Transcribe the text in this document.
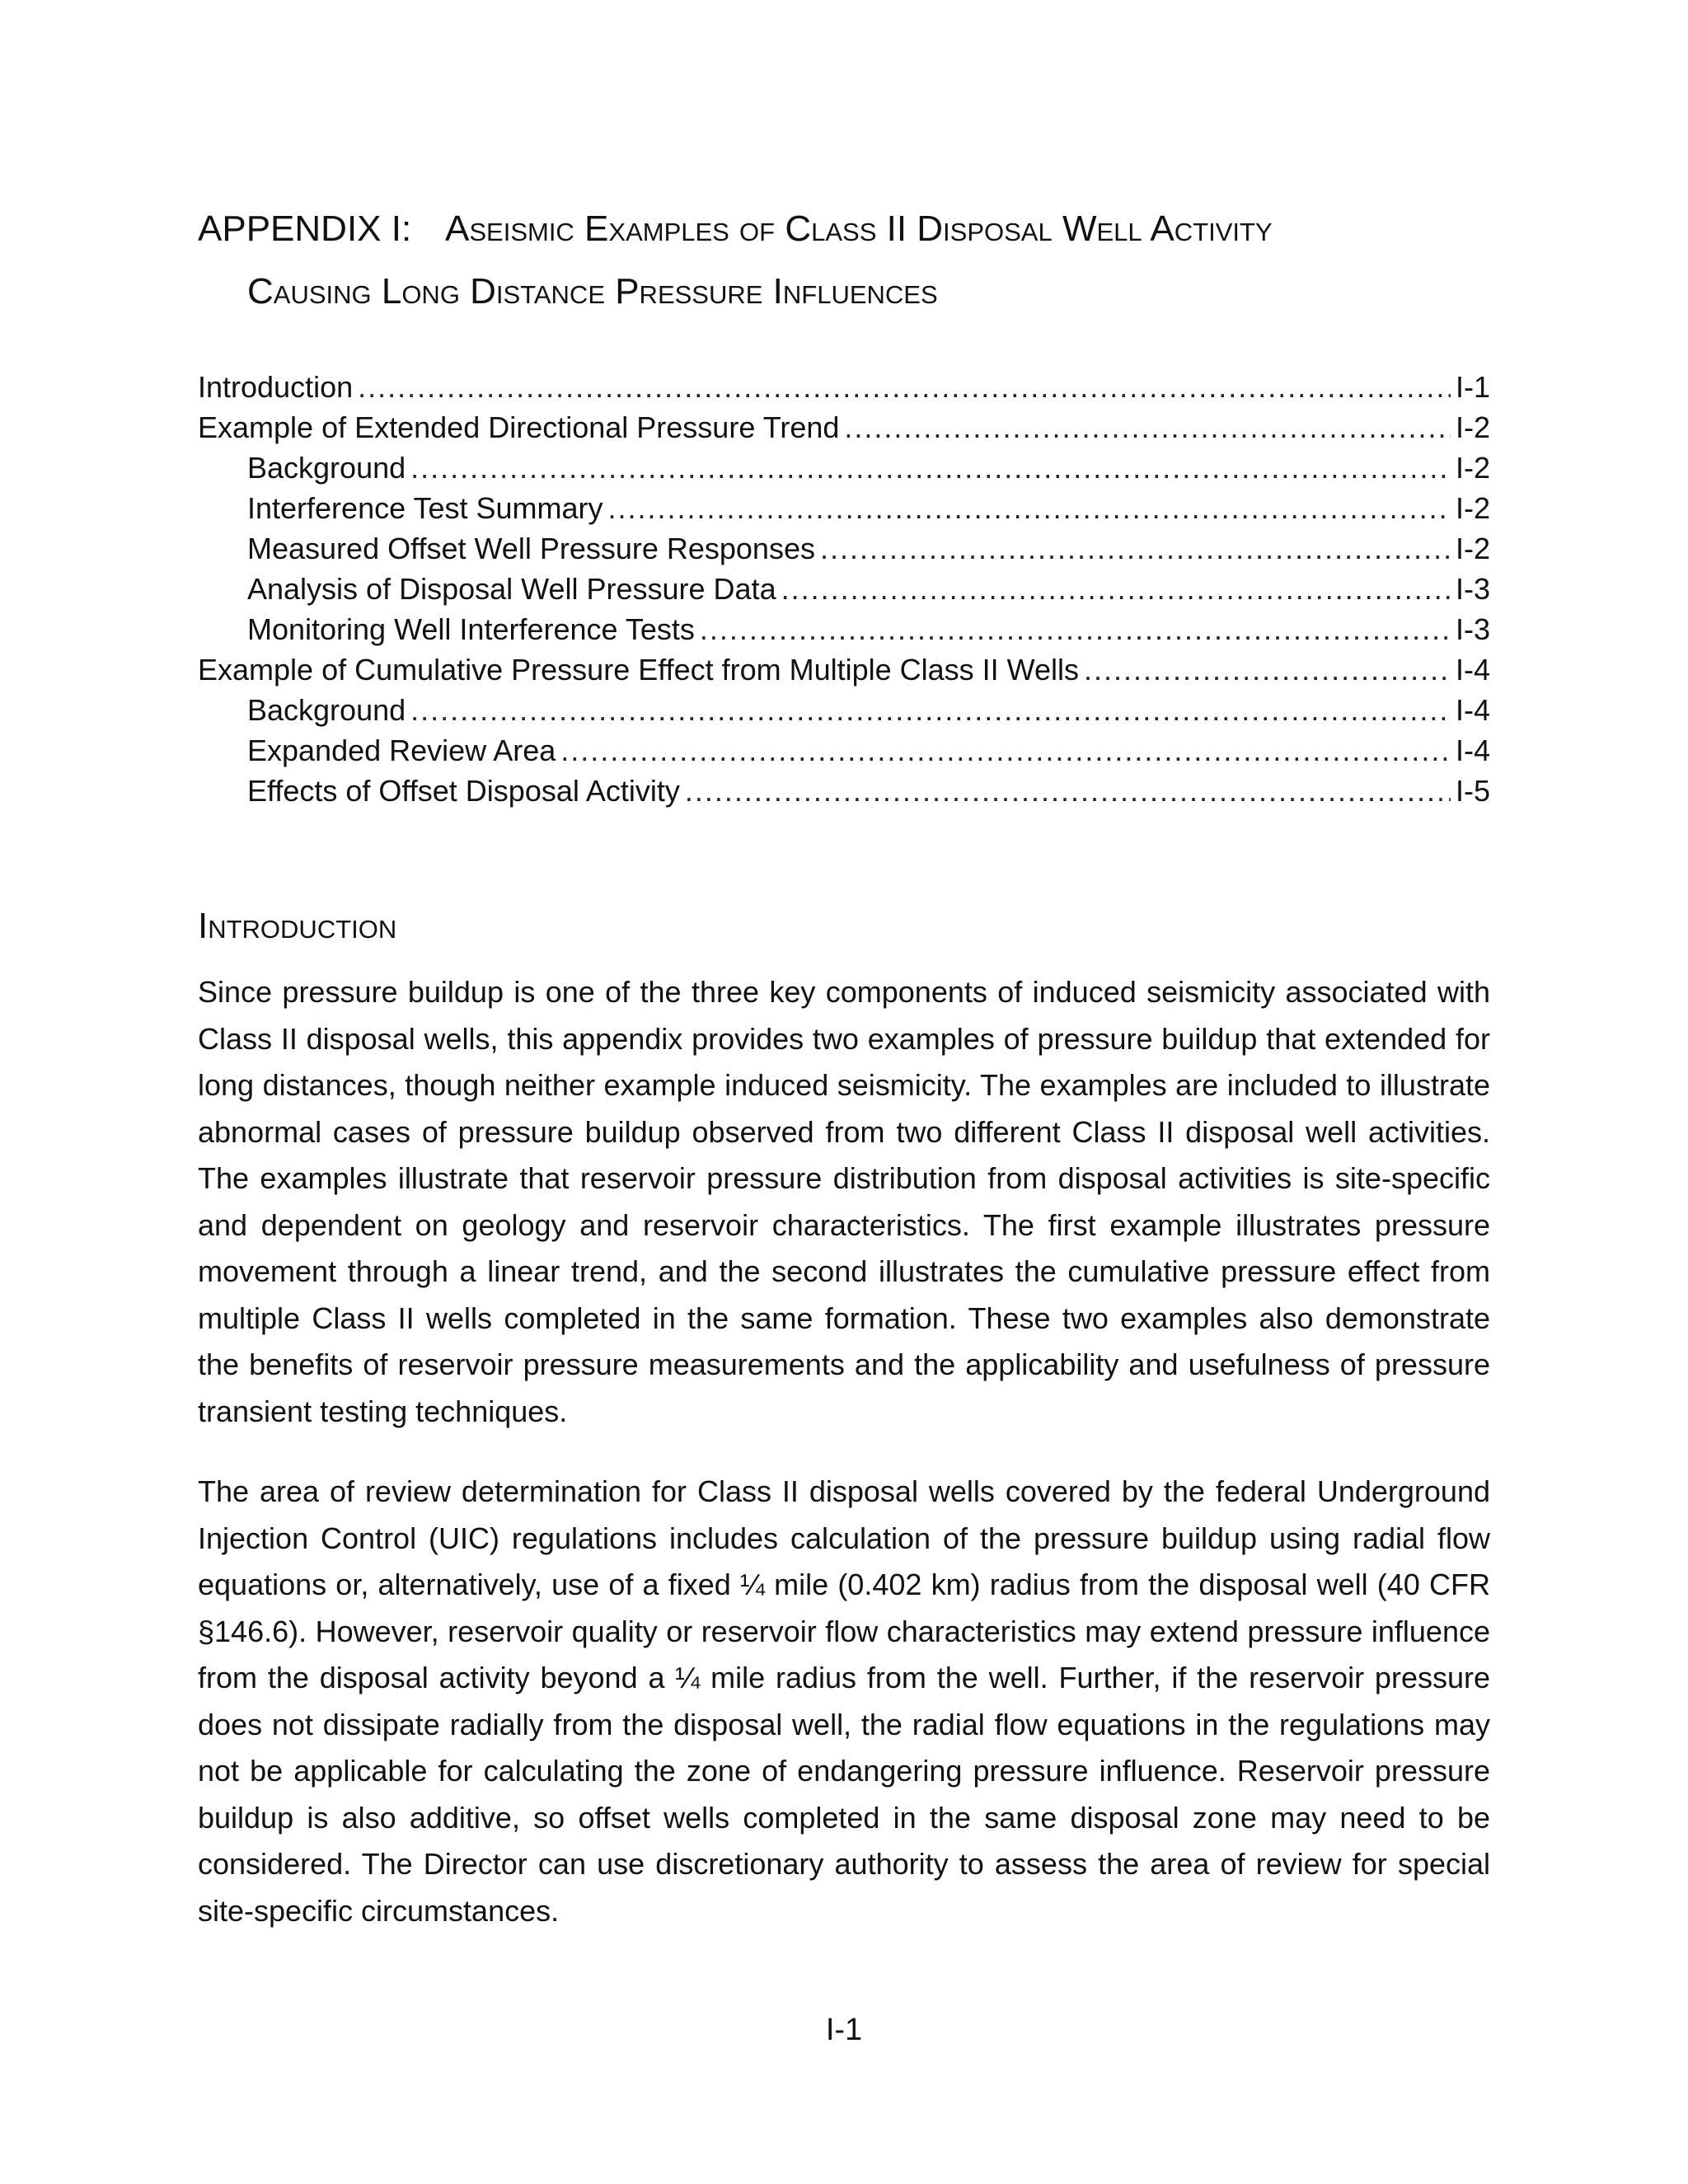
APPENDIX I: Aseismic Examples of Class II Disposal Well Activity
Causing Long Distance Pressure Influences
Introduction .....	I-1
Example of Extended Directional Pressure Trend .....	I-2
Background .....	I-2
Interference Test Summary .....	I-2
Measured Offset Well Pressure Responses .....	I-2
Analysis of Disposal Well Pressure Data .....	I-3
Monitoring Well Interference Tests .....	I-3
Example of Cumulative Pressure Effect from Multiple Class II Wells .....	I-4
Background .....	I-4
Expanded Review Area .....	I-4
Effects of Offset Disposal Activity .....	I-5
Introduction

Since pressure buildup is one of the three key components of induced seismicity associated with Class II disposal wells, this appendix provides two examples of pressure buildup that extended for long distances, though neither example induced seismicity. The examples are included to illustrate abnormal cases of pressure buildup observed from two different Class II disposal well activities. The examples illustrate that reservoir pressure distribution from disposal activities is site-specific and dependent on geology and reservoir characteristics. The first example illustrates pressure movement through a linear trend, and the second illustrates the cumulative pressure effect from multiple Class II wells completed in the same formation. These two examples also demonstrate the benefits of reservoir pressure measurements and the applicability and usefulness of pressure transient testing techniques.

The area of review determination for Class II disposal wells covered by the federal Underground Injection Control (UIC) regulations includes calculation of the pressure buildup using radial flow equations or, alternatively, use of a fixed ¼ mile (0.402 km) radius from the disposal well (40 CFR §146.6). However, reservoir quality or reservoir flow characteristics may extend pressure influence from the disposal activity beyond a ¼ mile radius from the well. Further, if the reservoir pressure does not dissipate radially from the disposal well, the radial flow equations in the regulations may not be applicable for calculating the zone of endangering pressure influence. Reservoir pressure buildup is also additive, so offset wells completed in the same disposal zone may need to be considered. The Director can use discretionary authority to assess the area of review for special site-specific circumstances.

I-1
